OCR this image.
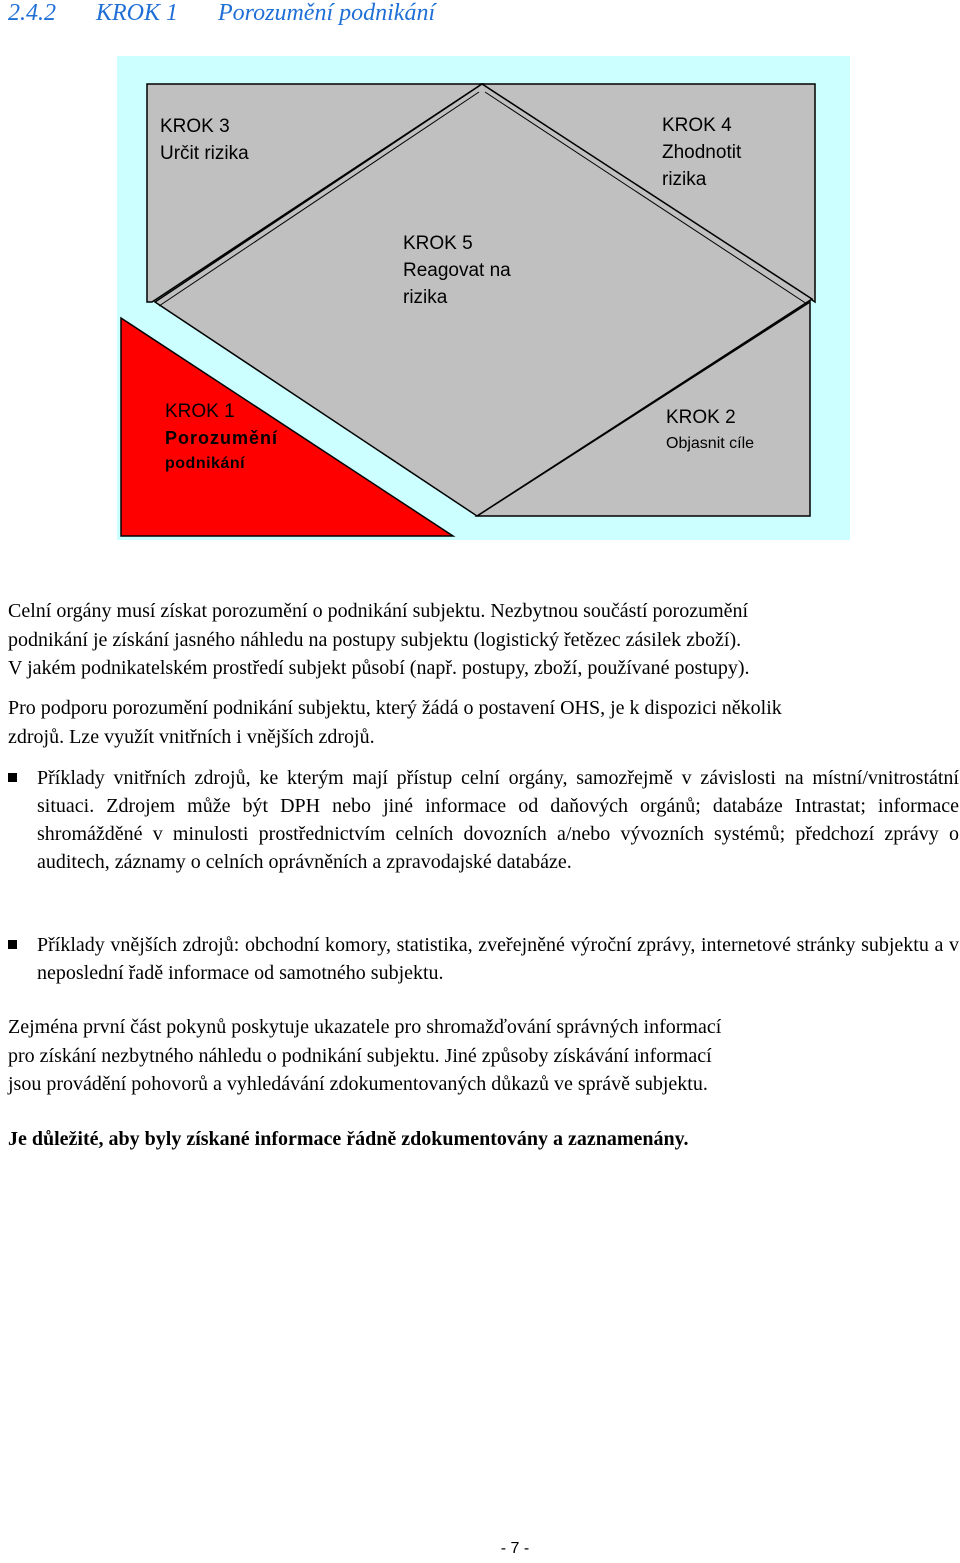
2.4.2 KROK 1 Porozumění podnikání
KROK 3
Určit rizika
KROK 4
Zhodnotit
rizika
KROK 5
Reagovat na
rizika
KROK 1
Porozumění
podnikání
KROK 2
Objasnit cíle
Celní orgány musí získat porozumění o podnikání subjektu. Nezbytnou součástí porozumění
podnikání je získání jasného náhledu na postupy subjektu (logistický řetězec zásilek zboží).
V jakém podnikatelském prostředí subjekt působí (např. postupy, zboží, používané postupy).
Pro podporu porozumění podnikání subjektu, který žádá o postavení OHS, je k dispozici několik
zdrojů. Lze využít vnitřních i vnějších zdrojů.
Příklady vnitřních zdrojů, ke kterým mají přístup celní orgány, samozřejmě v závislosti na místní/vnitrostátní situaci. Zdrojem může být DPH nebo jiné informace od daňových orgánů; databáze Intrastat; informace shromážděné v minulosti prostřednictvím celních dovozních a/nebo vývozních systémů; předchozí zprávy o auditech, záznamy o celních oprávněních a zpravodajské databáze.
Příklady vnějších zdrojů: obchodní komory, statistika, zveřejněné výroční zprávy, internetové stránky subjektu a v neposlední řadě informace od samotného subjektu.
Zejména první část pokynů poskytuje ukazatele pro shromažďování správných informací
pro získání nezbytného náhledu o podnikání subjektu. Jiné způsoby získávání informací
jsou provádění pohovorů a vyhledávání zdokumentovaných důkazů ve správě subjektu.
Je důležité, aby byly získané informace řádně zdokumentovány a zaznamenány.
- 7 -
